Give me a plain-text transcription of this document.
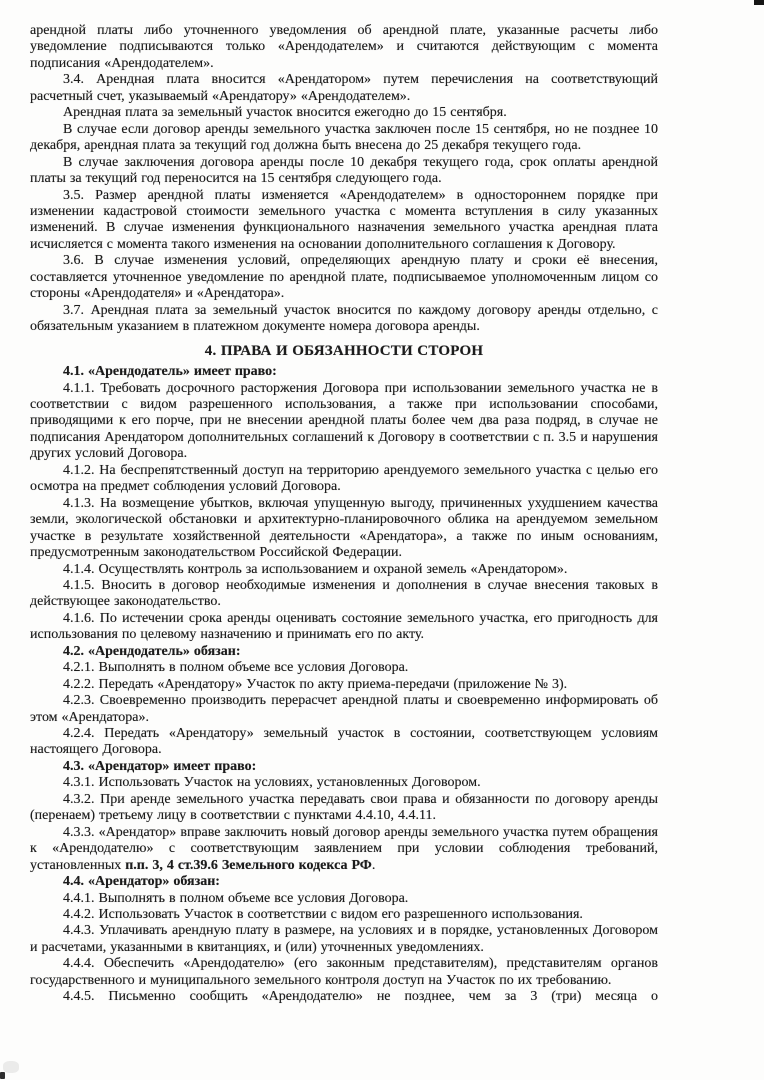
арендной платы либо уточненного уведомления об арендной плате, указанные расчеты либо уведомление подписываются только «Арендодателем» и считаются действующим с момента подписания «Арендодателем».

3.4. Арендная плата вносится «Арендатором» путем перечисления на соответствующий расчетный счет, указываемый «Арендатору» «Арендодателем».

Арендная плата за земельный участок вносится ежегодно до 15 сентября.

В случае если договор аренды земельного участка заключен после 15 сентября, но не позднее 10 декабря, арендная плата за текущий год должна быть внесена до 25 декабря текущего года.

В случае заключения договора аренды после 10 декабря текущего года, срок оплаты арендной платы за текущий год переносится на 15 сентября следующего года.

3.5. Размер арендной платы изменяется «Арендодателем» в одностороннем порядке при изменении кадастровой стоимости земельного участка с момента вступления в силу указанных изменений. В случае изменения функционального назначения земельного участка арендная плата исчисляется с момента такого изменения на основании дополнительного соглашения к Договору.

3.6. В случае изменения условий, определяющих арендную плату и сроки её внесения, составляется уточненное уведомление по арендной плате, подписываемое уполномоченным лицом со стороны «Арендодателя» и «Арендатора».

3.7. Арендная плата за земельный участок вносится по каждому договору аренды отдельно, с обязательным указанием в платежном документе номера договора аренды.

4. ПРАВА И ОБЯЗАННОСТИ СТОРОН

4.1. «Арендодатель» имеет право:

4.1.1. Требовать досрочного расторжения Договора при использовании земельного участка не в соответствии с видом разрешенного использования, а также при использовании способами, приводящими к его порче, при не внесении арендной платы более чем два раза подряд, в случае не подписания Арендатором дополнительных соглашений к Договору в соответствии с п. 3.5 и нарушения других условий Договора.

4.1.2. На беспрепятственный доступ на территорию арендуемого земельного участка с целью его осмотра на предмет соблюдения условий Договора.

4.1.3. На возмещение убытков, включая упущенную выгоду, причиненных ухудшением качества земли, экологической обстановки и архитектурно-планировочного облика на арендуемом земельном участке в результате хозяйственной деятельности «Арендатора», а также по иным основаниям, предусмотренным законодательством Российской Федерации.

4.1.4. Осуществлять контроль за использованием и охраной земель «Арендатором».

4.1.5. Вносить в договор необходимые изменения и дополнения в случае внесения таковых в действующее законодательство.

4.1.6. По истечении срока аренды оценивать состояние земельного участка, его пригодность для использования по целевому назначению и принимать его по акту.

4.2. «Арендодатель» обязан:

4.2.1. Выполнять в полном объеме все условия Договора.

4.2.2. Передать «Арендатору» Участок по акту приема-передачи (приложение № 3).

4.2.3. Своевременно производить перерасчет арендной платы и своевременно информировать об этом «Арендатора».

4.2.4. Передать «Арендатору» земельный участок в состоянии, соответствующем условиям настоящего Договора.

4.3. «Арендатор» имеет право:

4.3.1. Использовать Участок на условиях, установленных Договором.

4.3.2. При аренде земельного участка передавать свои права и обязанности по договору аренды (перенаем) третьему лицу в соответствии с пунктами 4.4.10, 4.4.11.

4.3.3. «Арендатор» вправе заключить новый договор аренды земельного участка путем обращения к «Арендодателю» с соответствующим заявлением при условии соблюдения требований, установленных п.п. 3, 4 ст.39.6 Земельного кодекса РФ.

4.4. «Арендатор» обязан:

4.4.1. Выполнять в полном объеме все условия Договора.

4.4.2. Использовать Участок в соответствии с видом его разрешенного использования.

4.4.3. Уплачивать арендную плату в размере, на условиях и в порядке, установленных Договором и расчетами, указанными в квитанциях, и (или) уточненных уведомлениях.

4.4.4. Обеспечить «Арендодателю» (его законным представителям), представителям органов государственного и муниципального земельного контроля доступ на Участок по их требованию.

4.4.5. Письменно сообщить «Арендодателю» не позднее, чем за 3 (три) месяца о
